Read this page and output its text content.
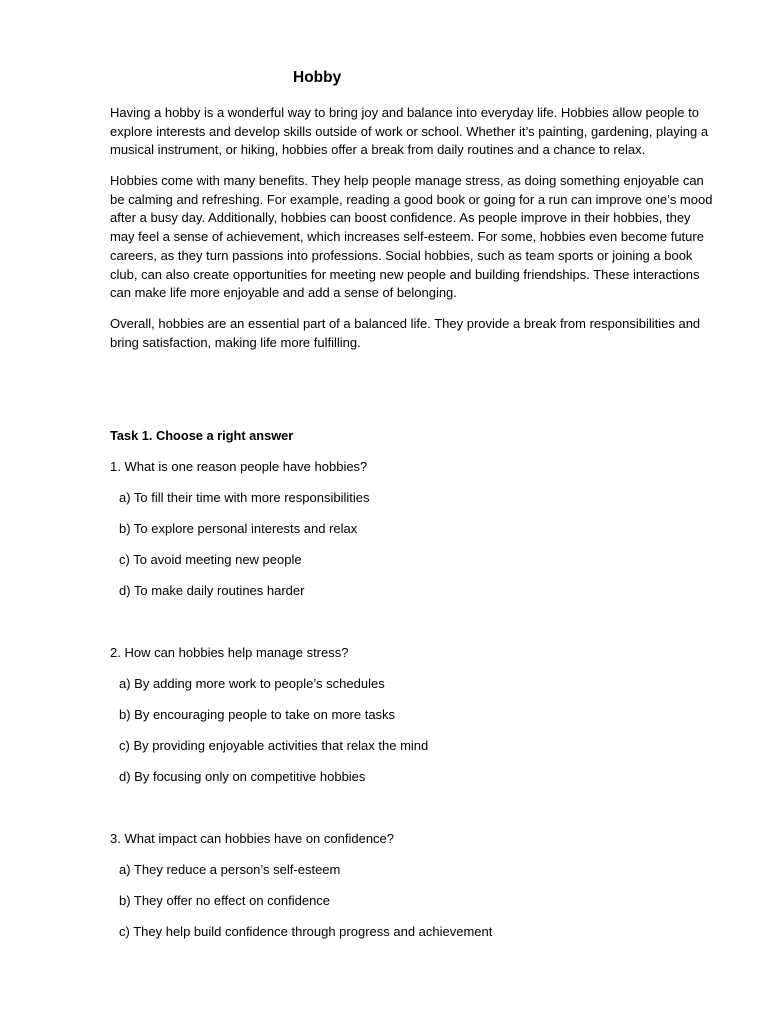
Hobby

Having a hobby is a wonderful way to bring joy and balance into everyday life. Hobbies allow people to explore interests and develop skills outside of work or school. Whether it’s painting, gardening, playing a musical instrument, or hiking, hobbies offer a break from daily routines and a chance to relax.

Hobbies come with many benefits. They help people manage stress, as doing something enjoyable can be calming and refreshing. For example, reading a good book or going for a run can improve one’s mood after a busy day. Additionally, hobbies can boost confidence. As people improve in their hobbies, they may feel a sense of achievement, which increases self-esteem. For some, hobbies even become future careers, as they turn passions into professions. Social hobbies, such as team sports or joining a book club, can also create opportunities for meeting new people and building friendships. These interactions can make life more enjoyable and add a sense of belonging.

Overall, hobbies are an essential part of a balanced life. They provide a break from responsibilities and bring satisfaction, making life more fulfilling.

Task 1. Choose a right answer

1. What is one reason people have hobbies?

a) To fill their time with more responsibilities

b) To explore personal interests and relax

c) To avoid meeting new people

d) To make daily routines harder

2. How can hobbies help manage stress?

a) By adding more work to people’s schedules

b) By encouraging people to take on more tasks

c) By providing enjoyable activities that relax the mind

d) By focusing only on competitive hobbies

3. What impact can hobbies have on confidence?

a) They reduce a person’s self-esteem

b) They offer no effect on confidence

c) They help build confidence through progress and achievement
